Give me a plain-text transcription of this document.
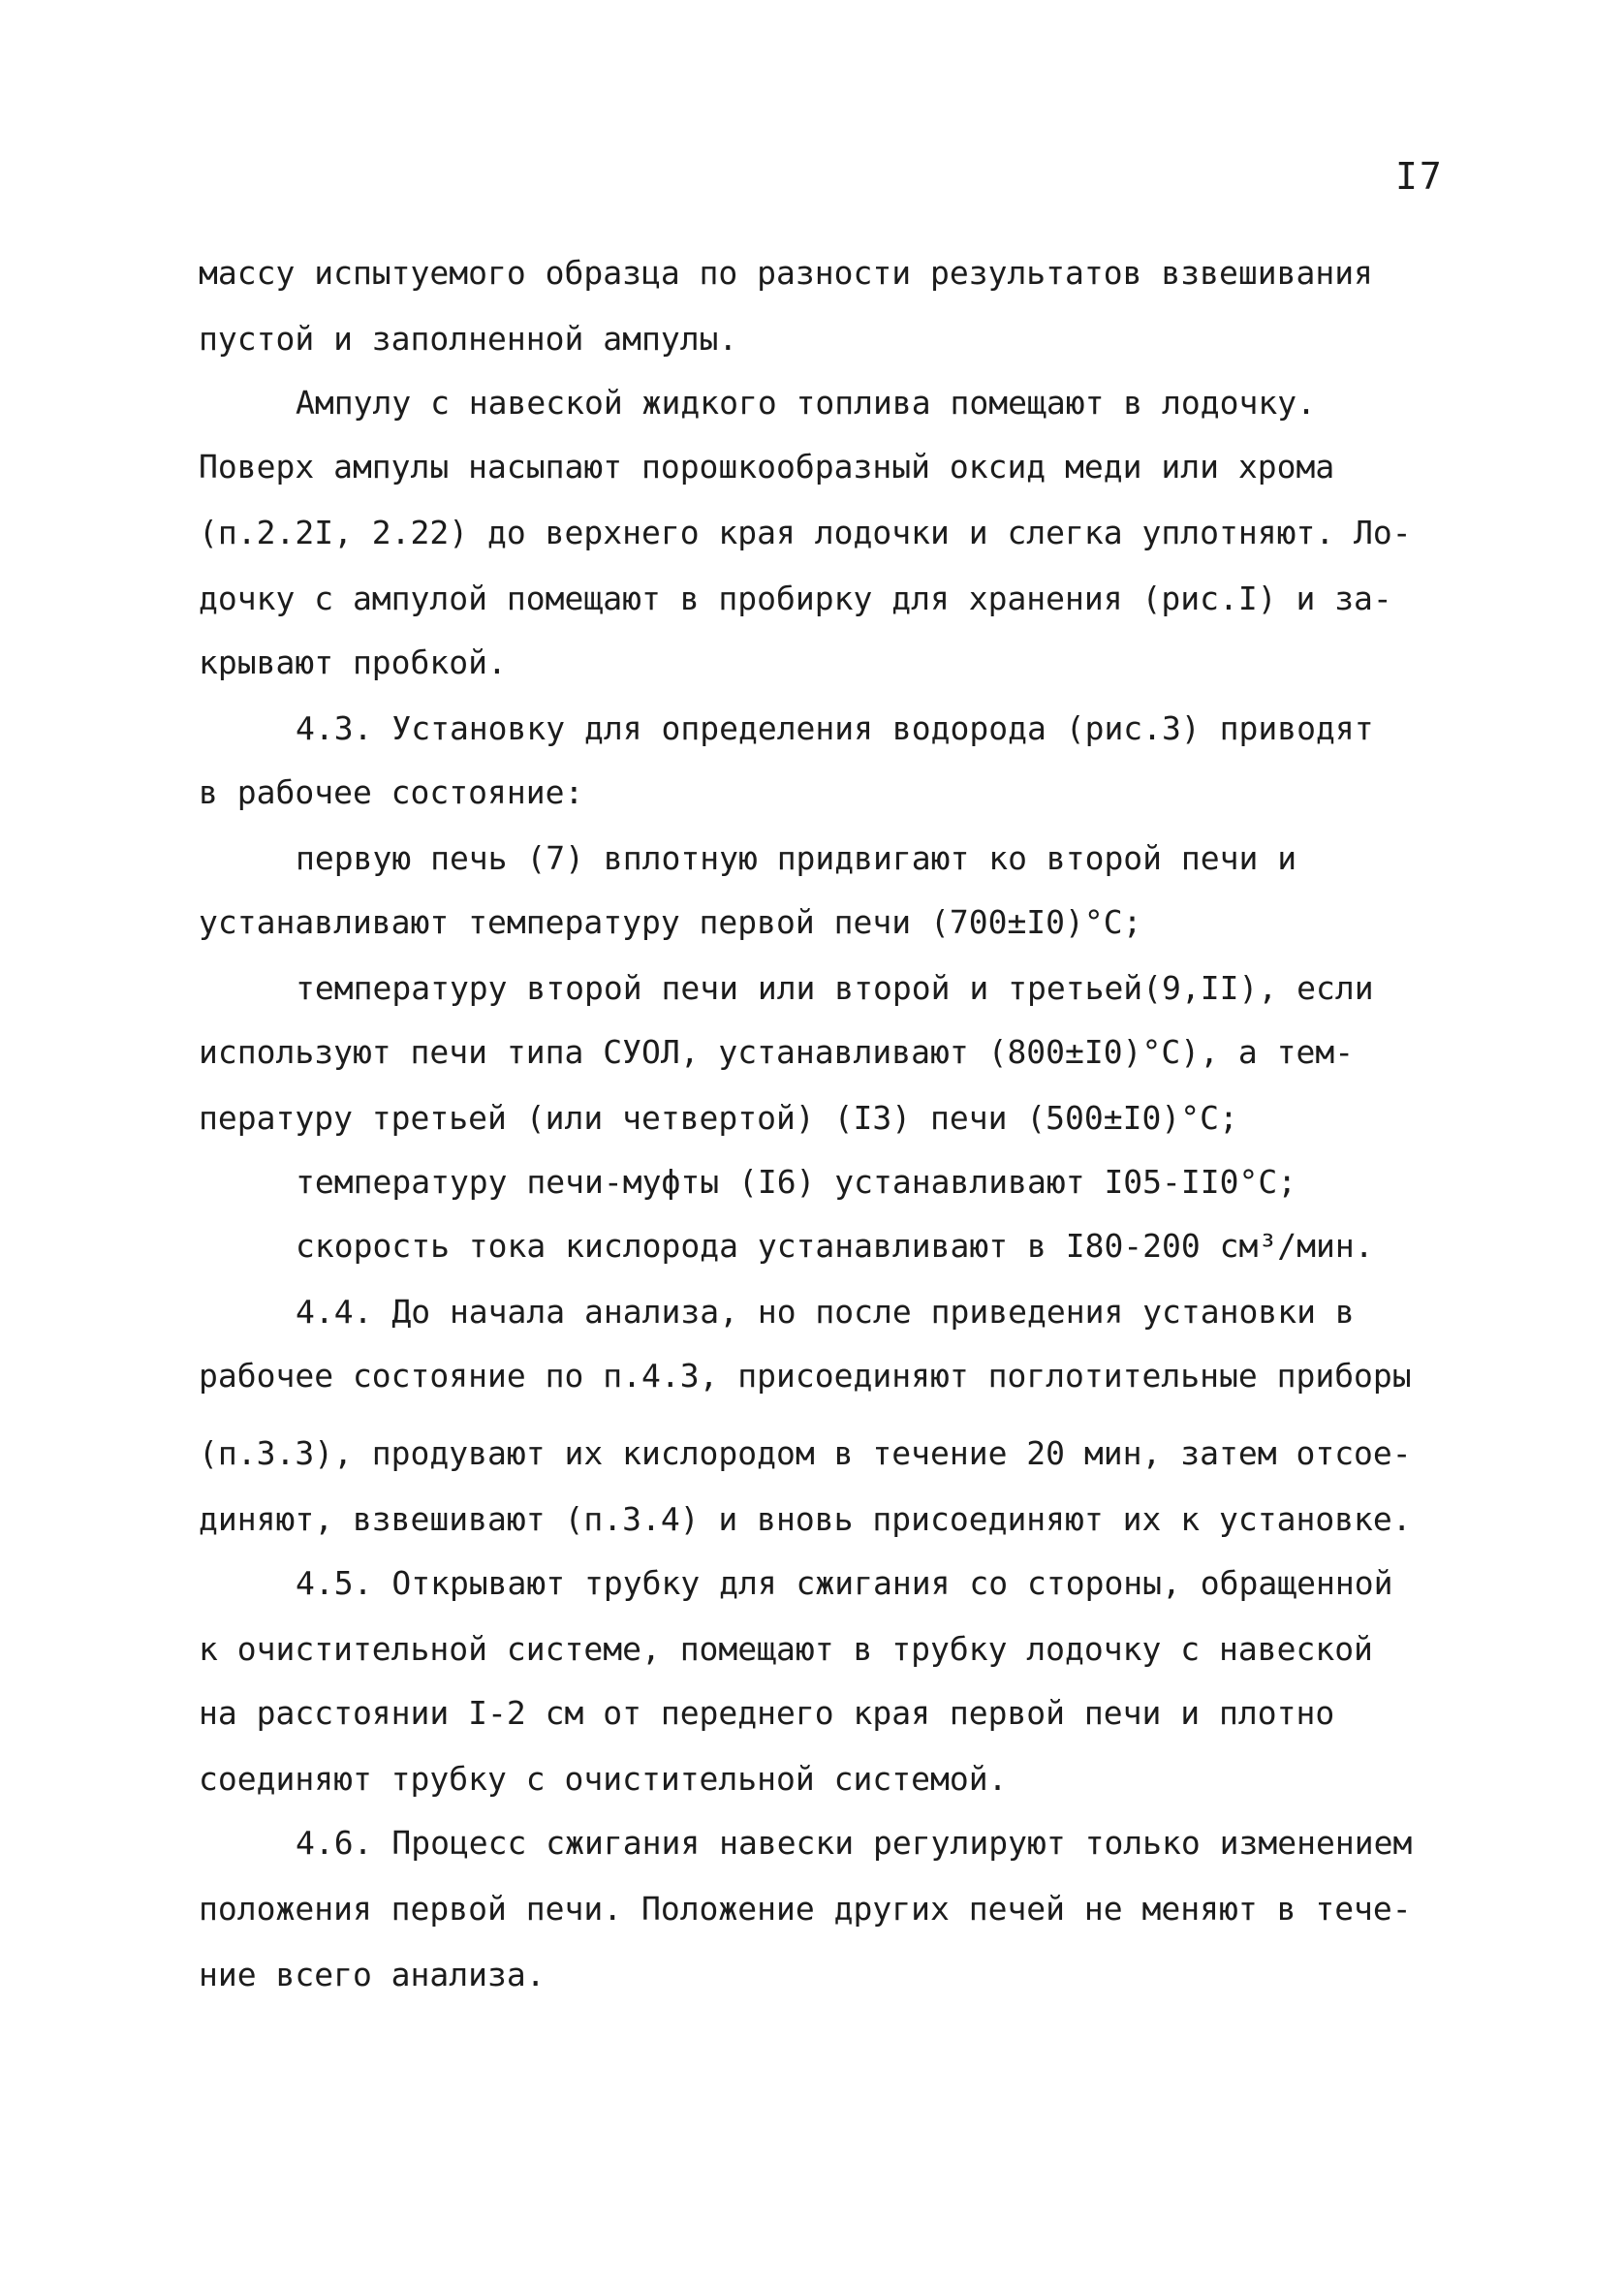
I7
массу испытуемого образца по разности результатов взвешивания
пустой и заполненной ампулы.
Ампулу с навеской жидкого топлива помещают в лодочку.
Поверх ампулы насыпают порошкообразный оксид меди или хрома
(п.2.2I, 2.22) до верхнего края лодочки и слегка уплотняют. Ло-
дочку с ампулой помещают в пробирку для хранения (рис.I) и за-
крывают пробкой.
4.3. Установку для определения водорода (рис.3) приводят
в рабочее состояние:
первую печь (7) вплотную придвигают ко второй печи и
устанавливают температуру первой печи (700±I0)°C;
температуру второй печи или второй и третьей(9,II), если
используют печи типа СУОЛ, устанавливают (800±I0)°C), а тем-
пературу третьей (или четвертой) (I3) печи (500±I0)°C;
температуру печи-муфты (I6) устанавливают I05-II0°C;
скорость тока кислорода устанавливают в I80-200 см³/мин.
4.4. До начала анализа, но после приведения установки в
рабочее состояние по п.4.3, присоединяют поглотительные приборы
(п.3.3), продувают их кислородом в течение 20 мин, затем отсое-
диняют, взвешивают (п.3.4) и вновь присоединяют их к установке.
4.5. Открывают трубку для сжигания со стороны, обращенной
к очистительной системе, помещают в трубку лодочку с навеской
на расстоянии I-2 см от переднего края первой печи и плотно
соединяют трубку с очистительной системой.
4.6. Процесс сжигания навески регулируют только изменением
положения первой печи. Положение других печей не меняют в тече-
ние всего анализа.
